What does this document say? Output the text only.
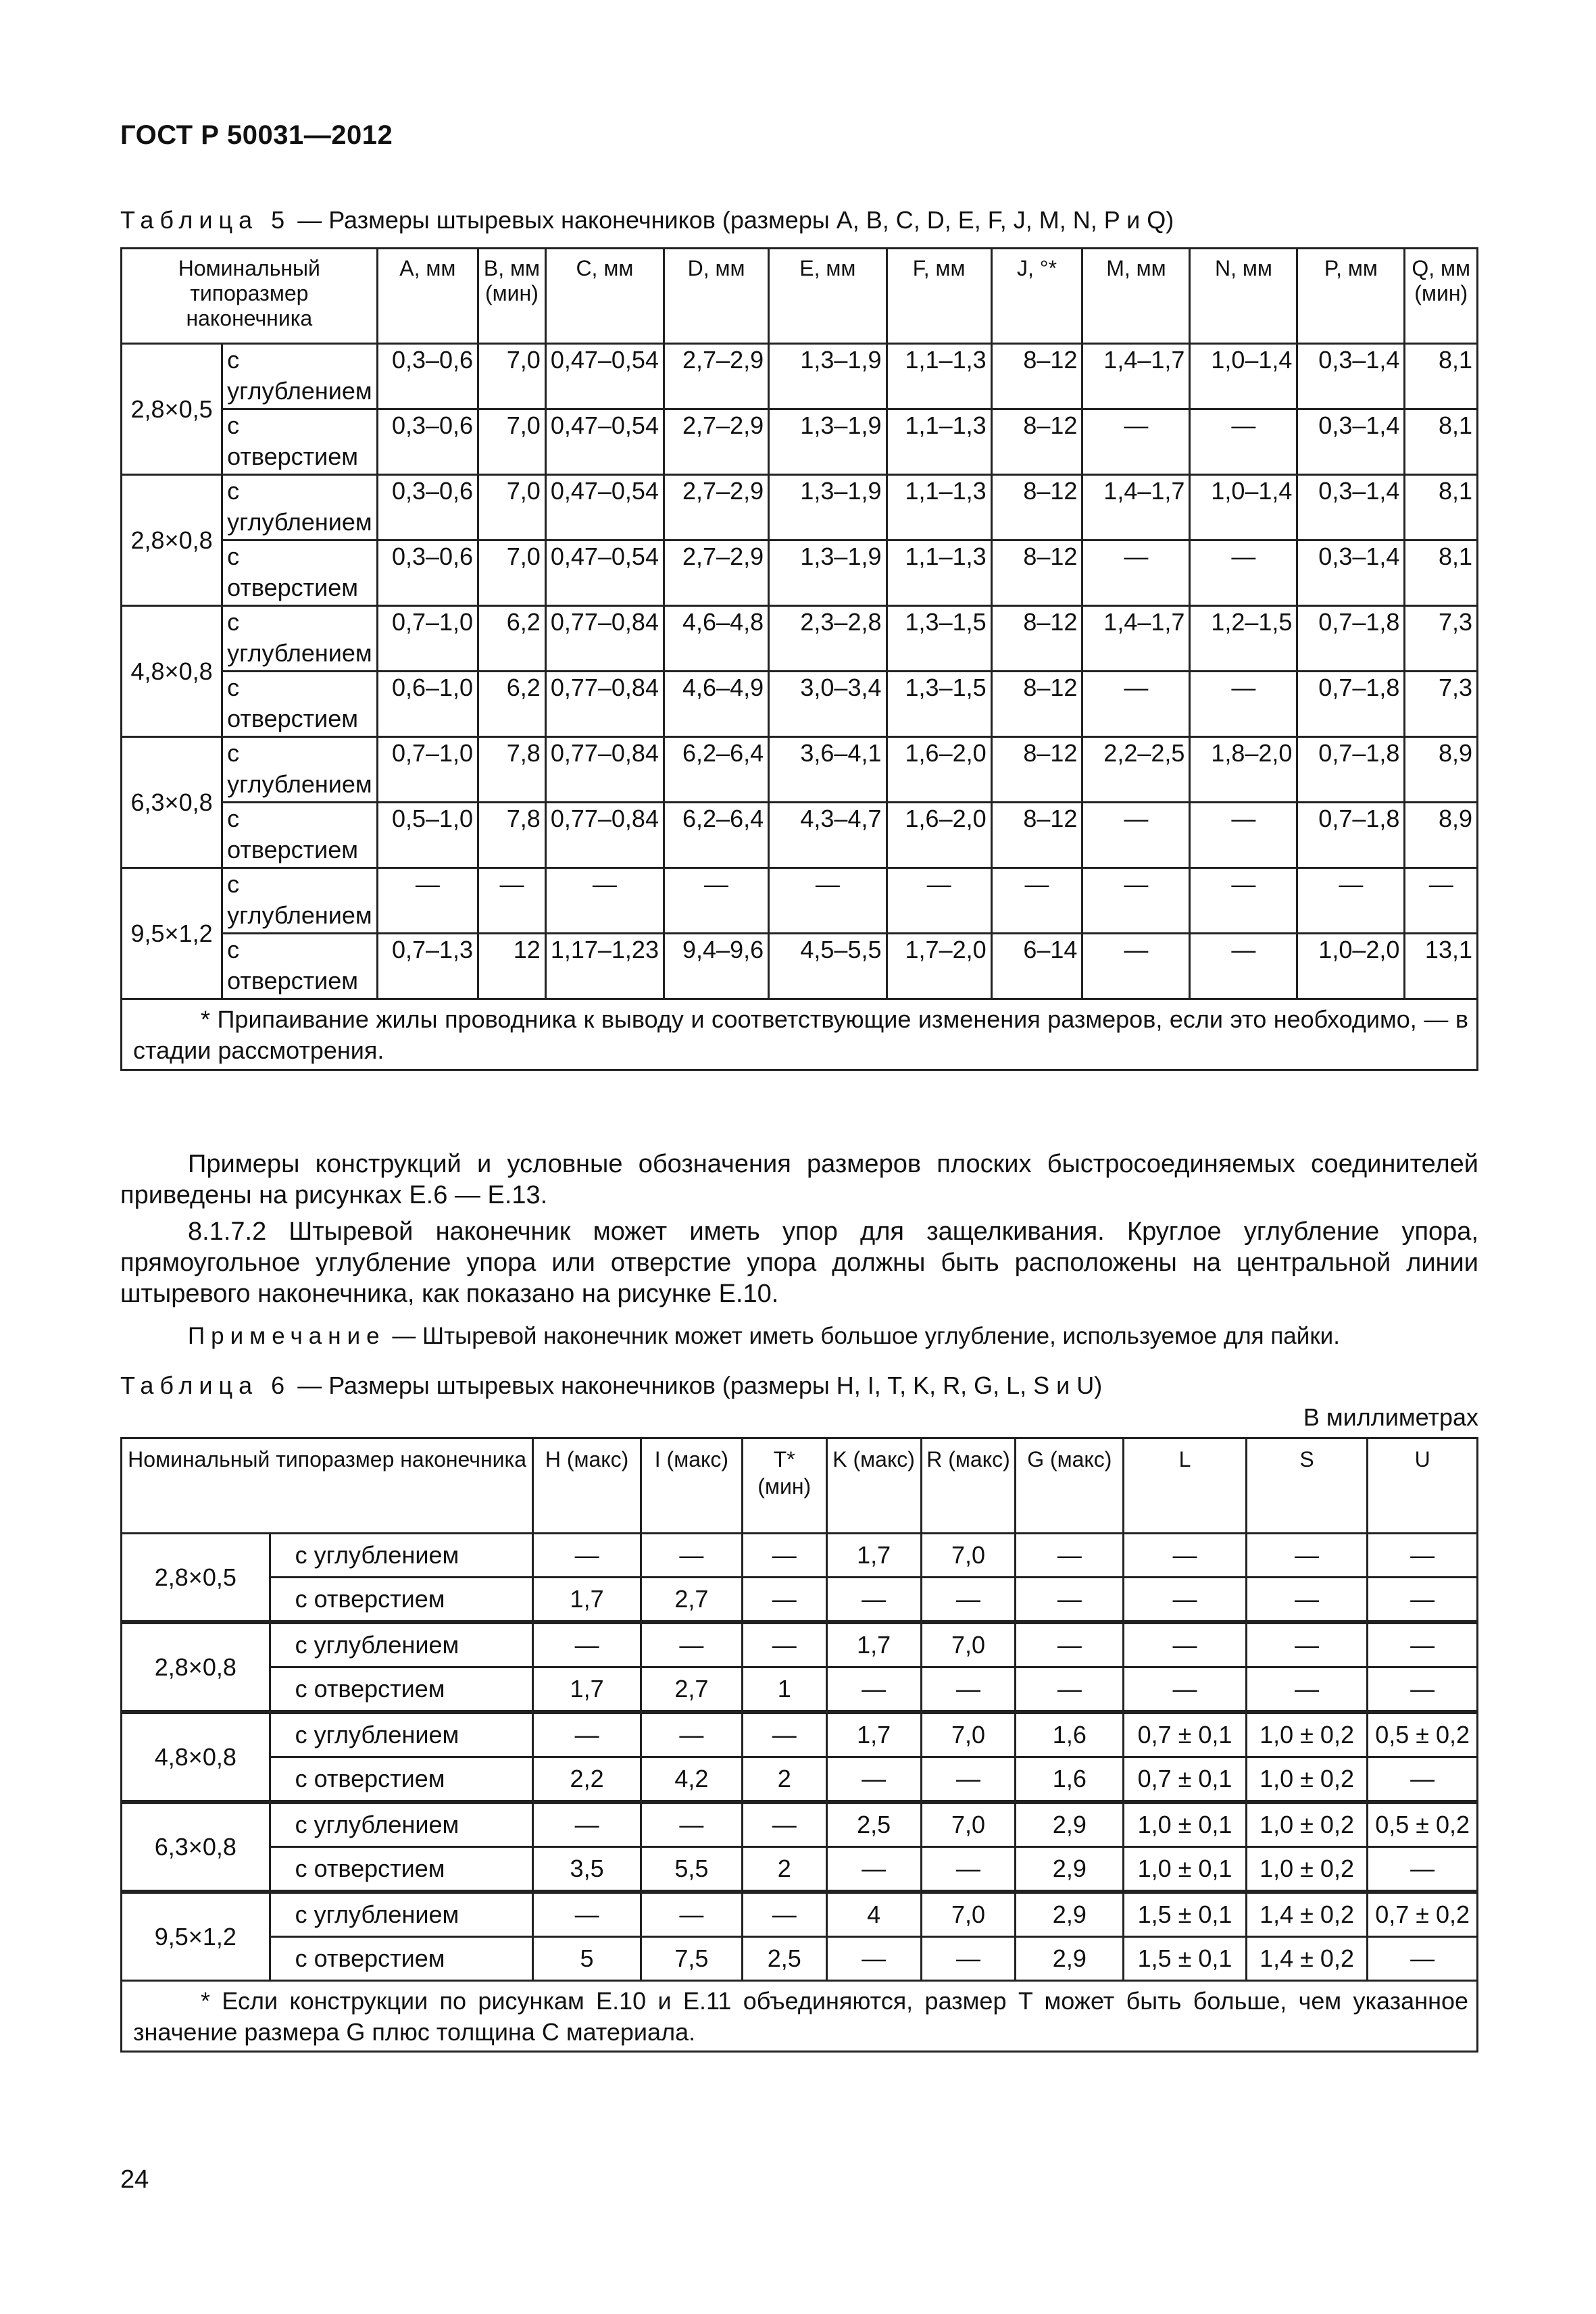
ГОСТ Р 50031—2012
Таблица 5 — Размеры штыревых наконечников (размеры A, B, C, D, E, F, J, M, N, P и Q)
Номинальный типоразмер наконечника		A, мм	B, мм (мин)	C, мм	D, мм	E, мм	F, мм	J, °*	M, мм	N, мм	P, мм	Q, мм (мин)
2,8×0,5	с углублением	0,3–0,6	7,0	0,47–0,54	2,7–2,9	1,3–1,9	1,1–1,3	8–12	1,4–1,7	1,0–1,4	0,3–1,4	8,1
	с отверстием	0,3–0,6	7,0	0,47–0,54	2,7–2,9	1,3–1,9	1,1–1,3	8–12	—	—	0,3–1,4	8,1
2,8×0,8	с углублением	0,3–0,6	7,0	0,47–0,54	2,7–2,9	1,3–1,9	1,1–1,3	8–12	1,4–1,7	1,0–1,4	0,3–1,4	8,1
	с отверстием	0,3–0,6	7,0	0,47–0,54	2,7–2,9	1,3–1,9	1,1–1,3	8–12	—	—	0,3–1,4	8,1
4,8×0,8	с углублением	0,7–1,0	6,2	0,77–0,84	4,6–4,8	2,3–2,8	1,3–1,5	8–12	1,4–1,7	1,2–1,5	0,7–1,8	7,3
	с отверстием	0,6–1,0	6,2	0,77–0,84	4,6–4,9	3,0–3,4	1,3–1,5	8–12	—	—	0,7–1,8	7,3
6,3×0,8	с углублением	0,7–1,0	7,8	0,77–0,84	6,2–6,4	3,6–4,1	1,6–2,0	8–12	2,2–2,5	1,8–2,0	0,7–1,8	8,9
	с отверстием	0,5–1,0	7,8	0,77–0,84	6,2–6,4	4,3–4,7	1,6–2,0	8–12	—	—	0,7–1,8	8,9
9,5×1,2	с углублением	—	—	—	—	—	—	—	—	—	—	—
	с отверстием	0,7–1,3	12	1,17–1,23	9,4–9,6	4,5–5,5	1,7–2,0	6–14	—	—	1,0–2,0	13,1
* Припаивание жилы проводника к выводу и соответствующие изменения размеров, если это необходимо, — в стадии рассмотрения.												
Примеры конструкций и условные обозначения размеров плоских быстросоединяемых соединителей приведены на рисунках Е.6 — Е.13.
8.1.7.2 Штыревой наконечник может иметь упор для защелкивания. Круглое углубление упора, прямоугольное углубление упора или отверстие упора должны быть расположены на центральной линии штыревого наконечника, как показано на рисунке Е.10.
Примечание — Штыревой наконечник может иметь большое углубление, используемое для пайки.
Таблица 6 — Размеры штыревых наконечников (размеры H, I, T, K, R, G, L, S и U)
В миллиметрах
Номинальный типоразмер наконечника		H (макс)	I (макс)	T* (мин)	K (макс)	R (макс)	G (макс)	L	S	U
2,8×0,5	с углублением	—	—	—	1,7	7,0	—	—	—	—
	с отверстием	1,7	2,7	—	—	—	—	—	—	—
2,8×0,8	с углублением	—	—	—	1,7	7,0	—	—	—	—
	с отверстием	1,7	2,7	1	—	—	—	—	—	—
4,8×0,8	с углублением	—	—	—	1,7	7,0	1,6	0,7 ± 0,1	1,0 ± 0,2	0,5 ± 0,2
	с отверстием	2,2	4,2	2	—	—	1,6	0,7 ± 0,1	1,0 ± 0,2	—
6,3×0,8	с углублением	—	—	—	2,5	7,0	2,9	1,0 ± 0,1	1,0 ± 0,2	0,5 ± 0,2
	с отверстием	3,5	5,5	2	—	—	2,9	1,0 ± 0,1	1,0 ± 0,2	—
9,5×1,2	с углублением	—	—	—	4	7,0	2,9	1,5 ± 0,1	1,4 ± 0,2	0,7 ± 0,2
	с отверстием	5	7,5	2,5	—	—	2,9	1,5 ± 0,1	1,4 ± 0,2	—
* Если конструкции по рисункам Е.10 и Е.11 объединяются, размер T может быть больше, чем указанное значение размера G плюс толщина C материала.										
24
